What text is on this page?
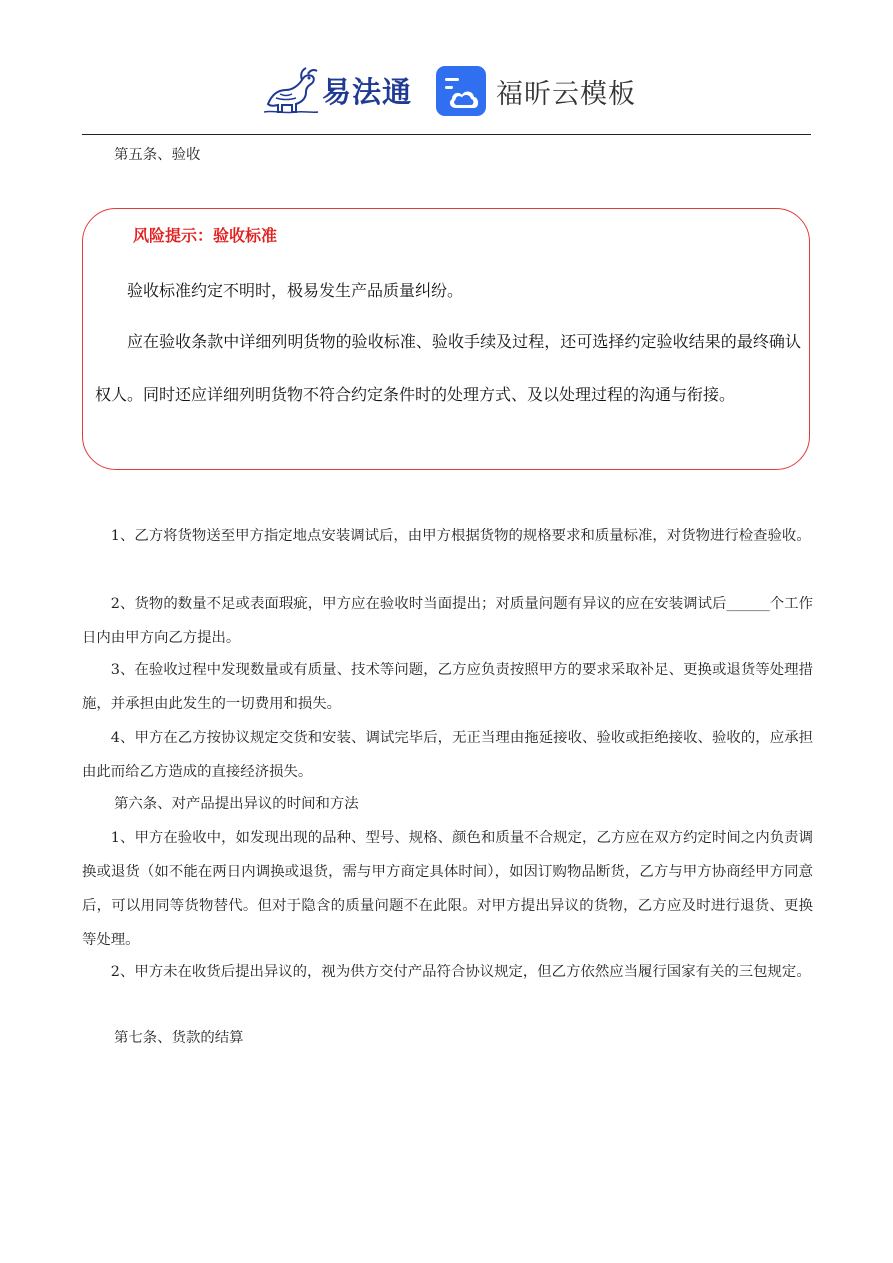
易法通	福昕云模板

第五条、验收

风险提示：验收标准

验收标准约定不明时，极易发生产品质量纠纷。

应在验收条款中详细列明货物的验收标准、验收手续及过程，还可选择约定验收结果的最终确认权人。同时还应详细列明货物不符合约定条件时的处理方式、及以处理过程的沟通与衔接。

1、乙方将货物送至甲方指定地点安装调试后，由甲方根据货物的规格要求和质量标准，对货物进行检查验收。

2、货物的数量不足或表面瑕疵，甲方应在验收时当面提出；对质量问题有异议的应在安装调试后______个工作日内由甲方向乙方提出。

3、在验收过程中发现数量或有质量、技术等问题，乙方应负责按照甲方的要求采取补足、更换或退货等处理措施，并承担由此发生的一切费用和损失。

4、甲方在乙方按协议规定交货和安装、调试完毕后，无正当理由拖延接收、验收或拒绝接收、验收的，应承担由此而给乙方造成的直接经济损失。

第六条、对产品提出异议的时间和方法

1、甲方在验收中，如发现出现的品种、型号、规格、颜色和质量不合规定，乙方应在双方约定时间之内负责调换或退货（如不能在两日内调换或退货，需与甲方商定具体时间），如因订购物品断货，乙方与甲方协商经甲方同意后，可以用同等货物替代。但对于隐含的质量问题不在此限。对甲方提出异议的货物，乙方应及时进行退货、更换等处理。

2、甲方未在收货后提出异议的，视为供方交付产品符合协议规定，但乙方依然应当履行国家有关的三包规定。

第七条、货款的结算
